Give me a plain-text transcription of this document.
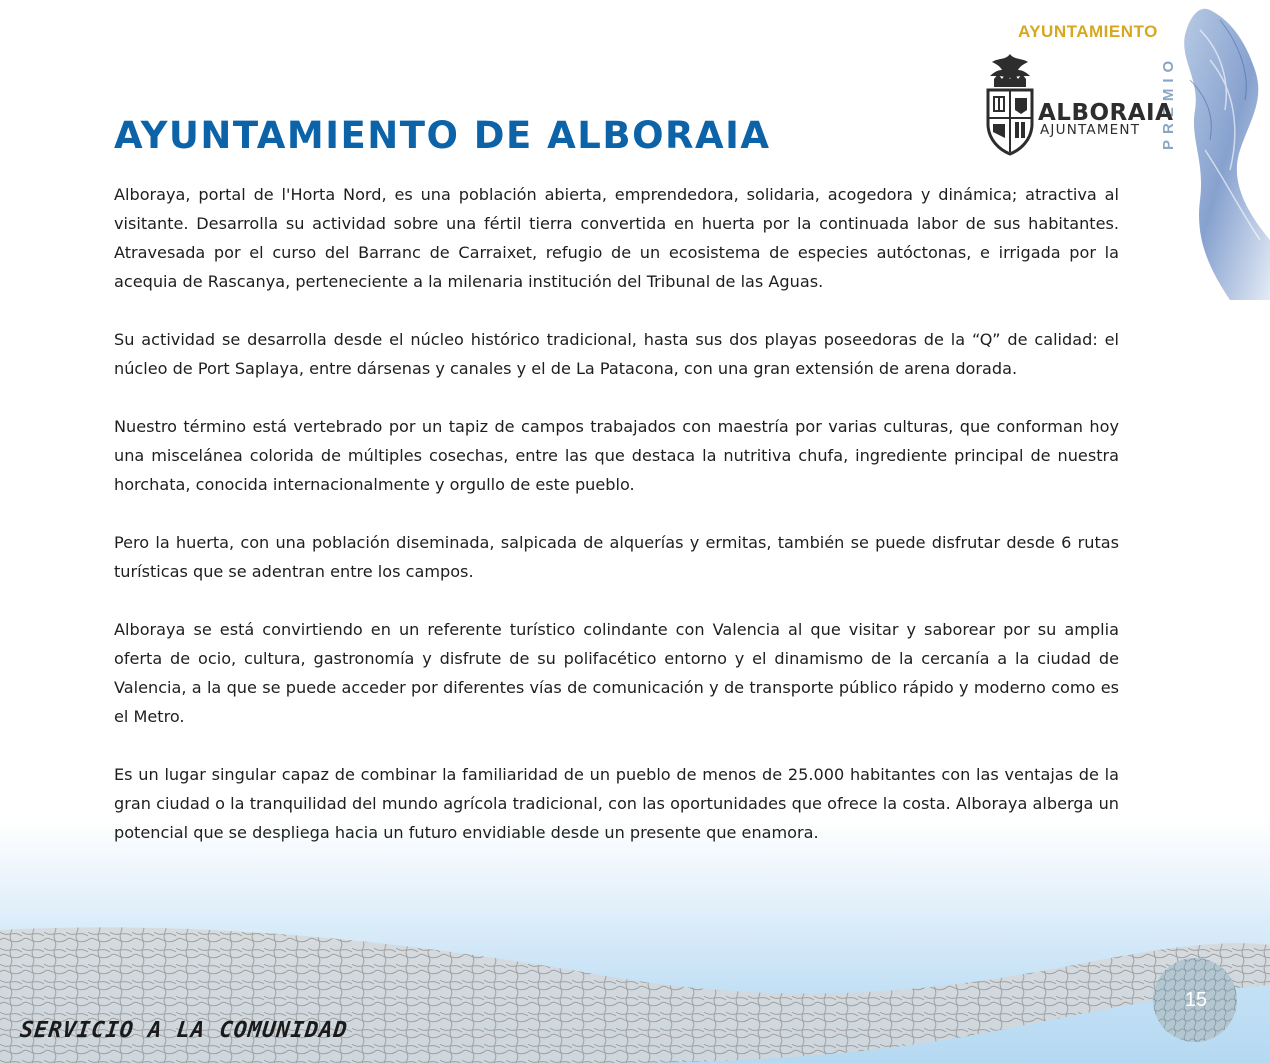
15
AYUNTAMIENTO
PREMIO
ALBORAIA
AJUNTAMENT
AYUNTAMIENTO DE ALBORAIA

Alboraya, portal de l'Horta Nord, es una población abierta, emprendedora, solidaria, acogedora y dinámica; atractiva al visitante. Desarrolla su actividad sobre una fértil tierra convertida en huerta por la continuada labor de sus habitantes. Atravesada por el curso del Barranc de Carraixet, refugio de un ecosistema de especies autóctonas, e irrigada por la acequia de Rascanya, perteneciente a la milenaria institución del Tribunal de las Aguas.

Su actividad se desarrolla desde el núcleo histórico tradicional, hasta sus dos playas poseedoras de la “Q” de calidad: el núcleo de Port Saplaya, entre dársenas y canales y el de La Patacona, con una gran extensión de arena dorada.

Nuestro término está vertebrado por un tapiz de campos trabajados con maestría por varias culturas, que conforman hoy una miscelánea colorida de múltiples cosechas, entre las que destaca la nutritiva chufa, ingrediente principal de nuestra horchata, conocida internacionalmente y orgullo de este pueblo.

Pero la huerta, con una población diseminada, salpicada de alquerías y ermitas, también se puede disfrutar desde 6 rutas turísticas que se adentran entre los campos.

Alboraya se está convirtiendo en un referente turístico colindante con Valencia al que visitar y saborear por su amplia oferta de ocio, cultura, gastronomía y disfrute de su polifacético entorno y el dinamismo de la cercanía a la ciudad de Valencia, a la que se puede acceder por diferentes vías de comunicación y de transporte público rápido y moderno como es el Metro.

Es un lugar singular capaz de combinar la familiaridad de un pueblo de menos de 25.000 habitantes con las ventajas de la gran ciudad o la tranquilidad del mundo agrícola tradicional, con las oportunidades que ofrece la costa. Alboraya alberga un potencial que se despliega hacia un futuro envidiable desde un presente que enamora.

SERVICIO A LA COMUNIDAD
